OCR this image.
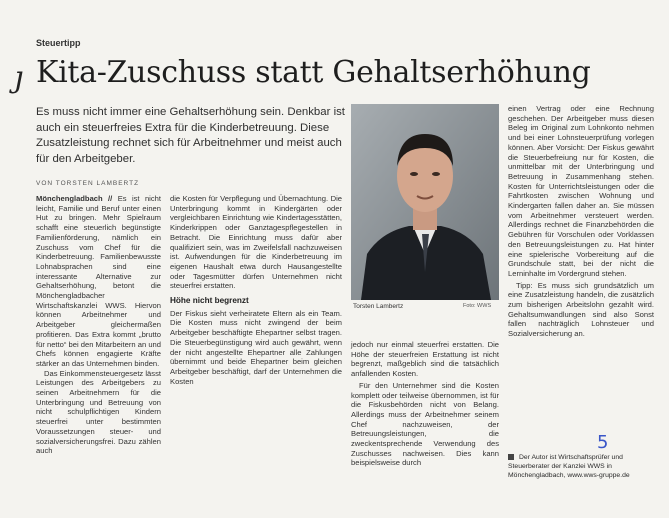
Steuertipp
ȷ Kita-Zuschuss statt Gehaltserhöhung
Es muss nicht immer eine Gehaltserhöhung sein. Denkbar ist auch ein steuerfreies Extra für die Kinderbetreuung. Diese Zusatzleistung rechnet sich für Arbeitnehmer und meist auch für den Arbeitgeber.
VON TORSTEN LAMBERTZ

Mönchengladbach // Es ist nicht leicht, Familie und Beruf unter einen Hut zu bringen. Mehr Spielraum schafft eine steuerlich begünstigte Familienförderung, nämlich ein Zuschuss vom Chef für die Kinderbetreuung. Familienbewusste Lohnabsprachen sind eine interessante Alternative zur Gehaltserhöhung, betont die Mönchengladbacher Wirtschaftskanzlei WWS. Hiervon können Arbeitnehmer und Arbeitgeber gleichermaßen profitieren. Das Extra kommt „brutto für netto“ bei den Mitarbeitern an und Chefs können engagierte Kräfte stärker an das Unternehmen binden.

Das Einkommensteuergesetz lässt Leistungen des Arbeitgebers zu seinen Arbeitnehmern für die Unterbringung und Betreuung von nicht schulpflichtigen Kindern steuerfrei unter bestimmten Voraussetzungen steuer- und sozialversicherungsfrei. Dazu zählen auch

die Kosten für Verpflegung und Übernachtung. Die Unterbringung kommt in Kindergärten oder vergleichbaren Einrichtung wie Kindertagesstätten, Kinderkrippen oder Ganztagespflegestellen in Betracht. Die Einrichtung muss dafür aber qualifiziert sein, was im Zweifelsfall nachzuweisen ist. Aufwendungen für die Kinderbetreuung im eigenen Haushalt etwa durch Hausangestellte oder Tagesmütter dürfen Unternehmen nicht steuerfrei erstatten.

Höhe nicht begrenzt

Der Fiskus sieht verheiratete Eltern als ein Team. Die Kosten muss nicht zwingend der beim Arbeitgeber beschäftigte Ehepartner selbst tragen. Die Steuerbegünstigung wird auch gewährt, wenn der nicht angestellte Ehepartner alle Zahlungen übernimmt und beide Ehepartner beim gleichen Arbeitgeber beschäftigt, darf der Unternehmen die Kosten

Torsten Lambertz	Foto: WWS

jedoch nur einmal steuerfrei erstatten. Die Höhe der steuerfreien Erstattung ist nicht begrenzt, maßgeblich sind die tatsächlich anfallenden Kosten.

Für den Unternehmer sind die Kosten komplett oder teilweise übernommen, ist für die Fiskusbehörden nicht von Belang. Allerdings muss der Arbeitnehmer seinem Chef nachzuweisen, der Betreuungsleistungen, die zweckentsprechende Verwendung des Zuschusses nachweisen. Dies kann beispielsweise durch

einen Vertrag oder eine Rechnung geschehen. Der Arbeitgeber muss diesen Beleg im Original zum Lohnkonto nehmen und bei einer Lohnsteuerprüfung vorlegen können. Aber Vorsicht: Der Fiskus gewährt die Steuerbefreiung nur für Kosten, die unmittelbar mit der Unterbringung und Betreuung in Zusammenhang stehen. Kosten für Unterrichtsleistungen oder die Fahrtkosten zwischen Wohnung und Kindergarten fallen daher an. Sie müssen vom Arbeitnehmer versteuert werden. Allerdings rechnet die Finanzbehörden die Gebühren für Vorschulen oder Vorklassen den Betreuungsleistungen zu. Hat hinter eine spielerische Vorbereitung auf die Grundschule statt, bei der nicht die Lerninhalte im Vordergrund stehen.

Tipp: Es muss sich grundsätzlich um eine Zusatzleistung handeln, die zusätzlich zum bisherigen Arbeitslohn gezahlt wird. Gehaltsumwandlungen sind also Sonst fallen nachträglich Lohnsteuer und Sozialversicherung an.

5
Der Autor ist Wirtschaftsprüfer und Steuerberater der Kanzlei WWS in Mönchengladbach, www.wws-gruppe.de
